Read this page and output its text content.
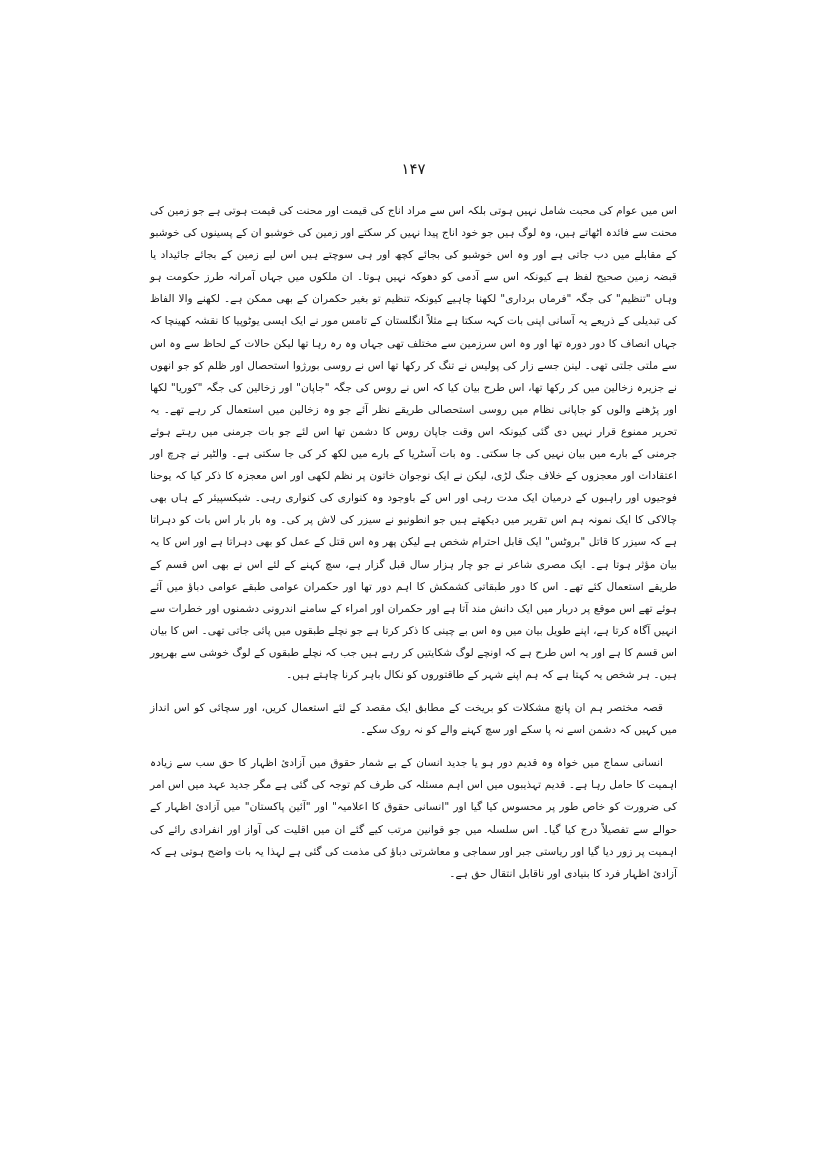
۱۴۷

اس میں عوام کی محبت شامل نہیں ہوتی بلکہ اس سے مراد اناج کی قیمت اور محنت کی قیمت ہوتی ہے جو زمین کی محنت سے فائدہ اٹھاتے ہیں، وہ لوگ ہیں جو خود اناج پیدا نہیں کر سکتے اور زمین کی خوشبو ان کے پسینوں کی خوشبو کے مقابلے میں دب جاتی ہے اور وہ اس خوشبو کی بجائے کچھ اور ہی سوچتے ہیں اس لیے زمین کے بجائے جائیداد یا قبضہ زمین صحیح لفظ ہے کیونکہ اس سے آدمی کو دھوکہ نہیں ہوتا۔ ان ملکوں میں جہاں آمرانہ طرز حکومت ہو وہاں "تنظیم" کی جگہ "فرماں برداری" لکھنا چاہیے کیونکہ تنظیم تو بغیر حکمران کے بھی ممکن ہے۔ لکھنے والا الفاظ کی تبدیلی کے ذریعے یہ آسانی اپنی بات کہہ سکتا ہے مثلاً انگلستان کے تامس مور نے ایک ایسی یوٹوپیا کا نقشہ کھینچا کہ جہاں انصاف کا دور دورہ تھا اور وہ اس سرزمین سے مختلف تھی جہاں وہ رہ رہا تھا لیکن حالات کے لحاظ سے وہ اس سے ملتی جلتی تھی۔ لینن جسے زار کی پولیس نے تنگ کر رکھا تھا اس نے روسی بورژوا استحصال اور ظلم کو جو انھوں نے جزیرہ زخالین میں کر رکھا تھا، اس طرح بیان کیا کہ اس نے روس کی جگہ "جاپان" اور زخالین کی جگہ "کوریا" لکھا اور پڑھنے والوں کو جاپانی نظام میں روسی استحصالی طریقے نظر آئے جو وہ زخالین میں استعمال کر رہے تھے۔ یہ تحریر ممنوع قرار نہیں دی گئی کیونکہ اس وقت جاپان روس کا دشمن تھا اس لئے جو بات جرمنی میں رہتے ہوئے جرمنی کے بارے میں بیان نہیں کی جا سکتی۔ وہ بات آسٹریا کے بارے میں لکھ کر کی جا سکتی ہے۔ والٹیر نے چرچ اور اعتقادات اور معجزوں کے خلاف جنگ لڑی، لیکن نے ایک نوجوان خاتون پر نظم لکھی اور اس معجزہ کا ذکر کیا کہ یوحنا فوجیوں اور راہبوں کے درمیان ایک مدت رہی اور اس کے باوجود وہ کنواری کی کنواری رہی۔ شیکسپیئر کے ہاں بھی چالاکی کا ایک نمونہ ہم اس تقریر میں دیکھتے ہیں جو انطونیو نے سیزر کی لاش پر کی۔ وہ بار بار اس بات کو دہراتا ہے کہ سیزر کا قاتل "بروٹس" ایک قابل احترام شخص ہے لیکن پھر وہ اس قتل کے عمل کو بھی دہراتا ہے اور اس کا یہ بیان مؤثر ہوتا ہے۔ ایک مصری شاعر نے جو چار ہزار سال قبل گزار ہے، سچ کہنے کے لئے اس نے بھی اس قسم کے طریقے استعمال کئے تھے۔ اس کا دور طبقاتی کشمکش کا اہم دور تھا اور حکمران عوامی طبقے عوامی دباؤ میں آئے ہوئے تھے اس موقع پر دربار میں ایک دانش مند آتا ہے اور حکمران اور امراء کے سامنے اندرونی دشمنوں اور خطرات سے انہیں آگاہ کرتا ہے، اپنے طویل بیان میں وہ اس بے چینی کا ذکر کرتا ہے جو نچلے طبقوں میں پائی جاتی تھی۔ اس کا بیان اس قسم کا ہے اور یہ اس طرح ہے کہ اونچے لوگ شکایتیں کر رہے ہیں جب کہ نچلے طبقوں کے لوگ خوشی سے بھرپور ہیں۔ ہر شخص یہ کہتا ہے کہ ہم اپنے شہر کے طاقتوروں کو نکال باہر کرنا چاہتے ہیں۔

قصہ مختصر ہم ان پانچ مشکلات کو بریخت کے مطابق ایک مقصد کے لئے استعمال کریں، اور سچائی کو اس انداز میں کہیں کہ دشمن اسے نہ پا سکے اور سچ کہنے والے کو نہ روک سکے۔

انسانی سماج میں خواہ وہ قدیم دور ہو یا جدید انسان کے بے شمار حقوق میں آزادئ اظہار کا حق سب سے زیادہ اہمیت کا حامل رہا ہے۔ قدیم تہذیبوں میں اس اہم مسئلہ کی طرف کم توجہ کی گئی ہے مگر جدید عہد میں اس امر کی ضرورت کو خاص طور پر محسوس کیا گیا اور "انسانی حقوق کا اعلامیہ" اور "آئین پاکستان" میں آزادئ اظہار کے حوالے سے تفصیلاً درج کیا گیا۔ اس سلسلہ میں جو قوانین مرتب کیے گئے ان میں اقلیت کی آواز اور انفرادی رائے کی اہمیت پر زور دیا گیا اور ریاستی جبر اور سماجی و معاشرتی دباؤ کی مذمت کی گئی ہے لہذا یہ بات واضح ہوتی ہے کہ آزادئ اظہار فرد کا بنیادی اور ناقابل انتقال حق ہے۔
